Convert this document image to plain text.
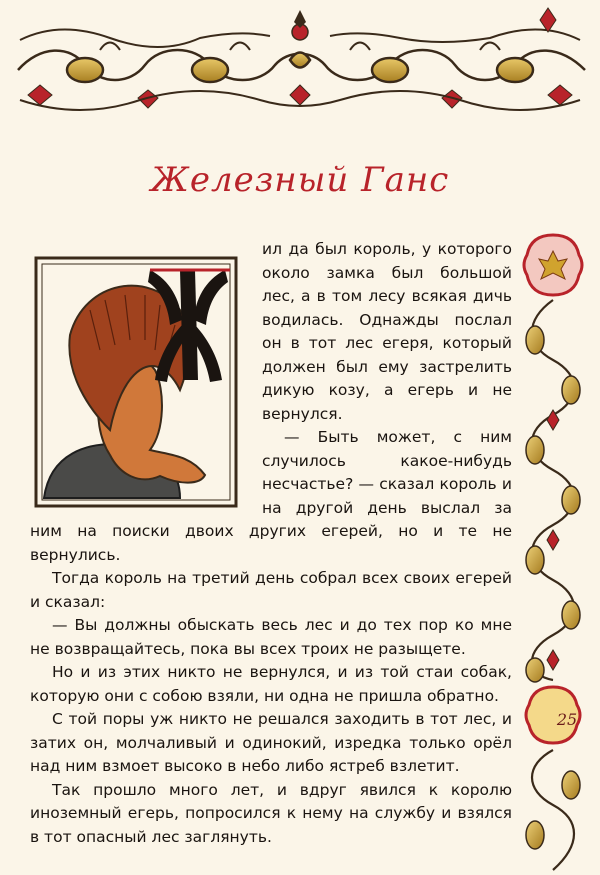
Железный Ганс
25

ил да был король, у которого около замка был большой лес, а в том лесу всякая дичь водилась. Однажды послал он в тот лес егеря, который должен был ему застрелить дикую козу, а егерь и не вернулся.

— Быть может, с ним случилось какое-нибудь несчастье? — сказал король и на другой день выслал за ним на поиски двоих других егерей, но и те не вернулись.

Тогда король на третий день собрал всех своих егерей и сказал:

— Вы должны обыскать весь лес и до тех пор ко мне не возвращайтесь, пока вы всех троих не разыщете.

Но и из этих никто не вернулся, и из той стаи собак, которую они с собою взяли, ни одна не пришла обратно.

С той поры уж никто не решался заходить в тот лес, и затих он, молчаливый и одинокий, изредка только орёл над ним взмоет высоко в небо либо ястреб взлетит.

Так прошло много лет, и вдруг явился к королю иноземный егерь, попросился к нему на службу и взялся в тот опасный лес заглянуть.
